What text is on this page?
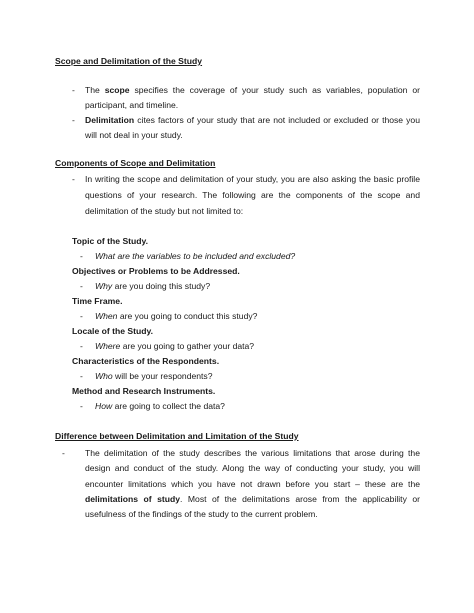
Scope and Delimitation of the Study
- The scope specifies the coverage of your study such as variables, population or participant, and timeline.
- Delimitation cites factors of your study that are not included or excluded or those you will not deal in your study.
Components of Scope and Delimitation
- In writing the scope and delimitation of your study, you are also asking the basic profile questions of your research. The following are the components of the scope and delimitation of the study but not limited to:
Topic of the Study.
- What are the variables to be included and excluded?
Objectives or Problems to be Addressed.
- Why are you doing this study?
Time Frame.
- When are you going to conduct this study?
Locale of the Study.
- Where are you going to gather your data?
Characteristics of the Respondents.
- Who will be your respondents?
Method and Research Instruments.
- How are going to collect the data?
Difference between Delimitation and Limitation of the Study
- The delimitation of the study describes the various limitations that arose during the design and conduct of the study. Along the way of conducting your study, you will encounter limitations which you have not drawn before you start – these are the delimitations of study. Most of the delimitations arose from the applicability or usefulness of the findings of the study to the current problem.
